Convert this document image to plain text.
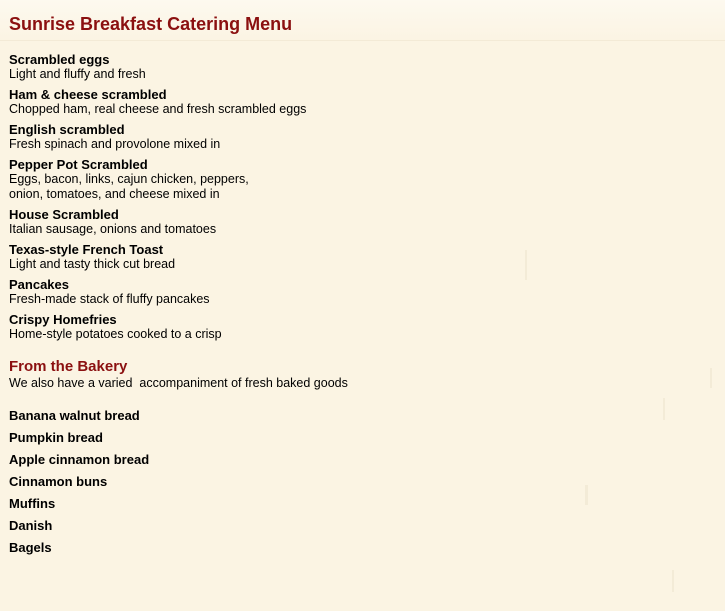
Sunrise Breakfast Catering Menu
Scrambled eggs
Light and fluffy and fresh
Ham & cheese scrambled
Chopped ham, real cheese and fresh scrambled eggs
English scrambled
Fresh spinach and provolone mixed in
Pepper Pot Scrambled
Eggs, bacon, links, cajun chicken, peppers,
onion, tomatoes, and cheese mixed in
House Scrambled
Italian sausage, onions and tomatoes
Texas-style French Toast
Light and tasty thick cut bread
Pancakes
Fresh-made stack of fluffy pancakes
Crispy Homefries
Home-style potatoes cooked to a crisp
From the Bakery
We also have a varied  accompaniment of fresh baked goods
Banana walnut bread
Pumpkin bread
Apple cinnamon bread
Cinnamon buns
Muffins
Danish
Bagels
